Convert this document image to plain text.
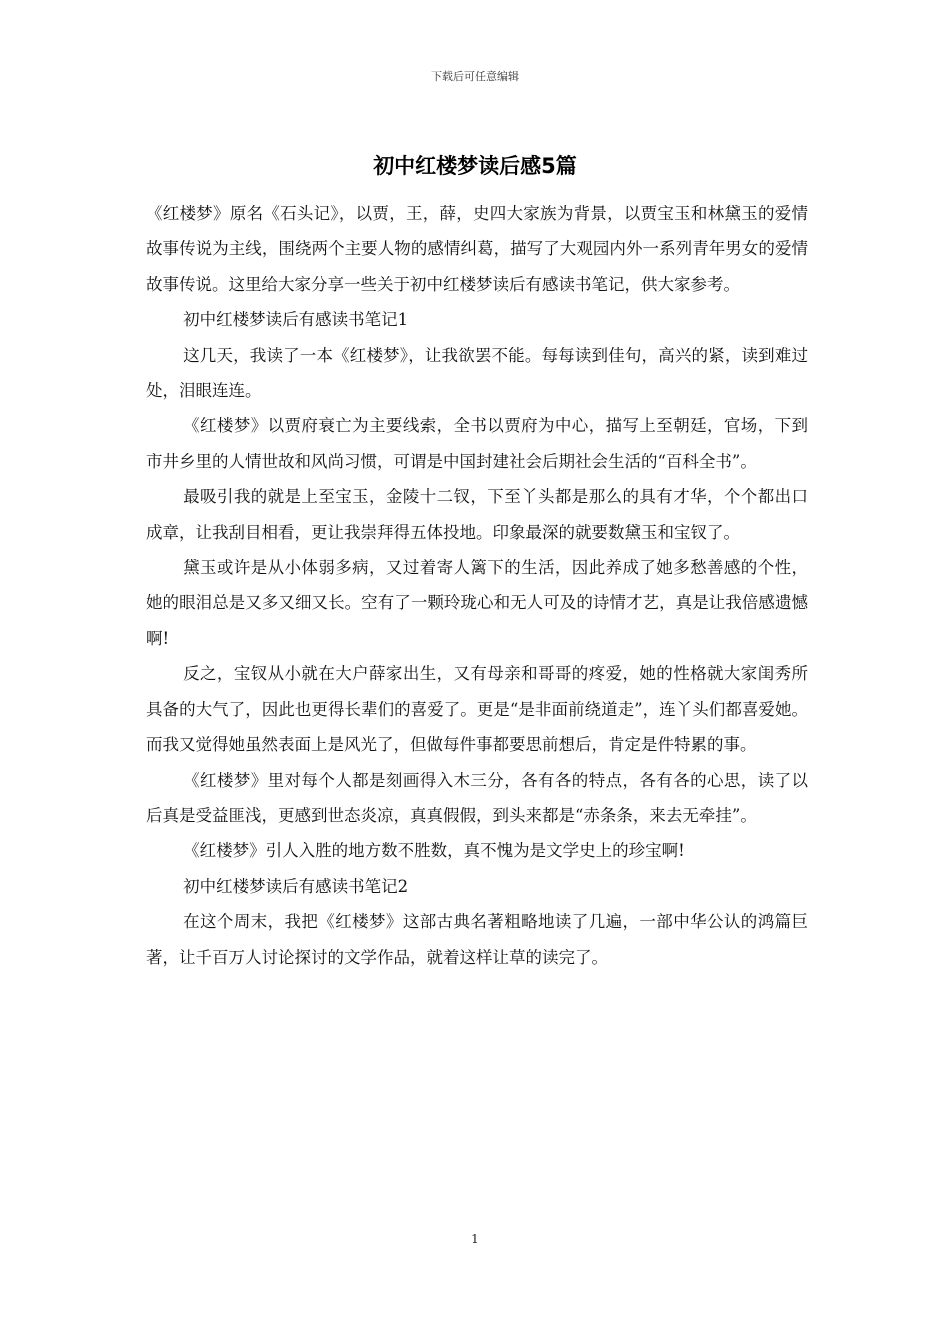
下载后可任意编辑
初中红楼梦读后感5篇

《红楼梦》原名《石头记》，以贾，王，薛，史四大家族为背景，以贾宝玉和林黛玉的爱情故事传说为主线，围绕两个主要人物的感情纠葛，描写了大观园内外一系列青年男女的爱情故事传说。这里给大家分享一些关于初中红楼梦读后有感读书笔记，供大家参考。

初中红楼梦读后有感读书笔记1

这几天，我读了一本《红楼梦》，让我欲罢不能。每每读到佳句，高兴的紧，读到难过处，泪眼连连。

《红楼梦》以贾府衰亡为主要线索，全书以贾府为中心，描写上至朝廷，官场，下到市井乡里的人情世故和风尚习惯，可谓是中国封建社会后期社会生活的“百科全书”。

最吸引我的就是上至宝玉，金陵十二钗，下至丫头都是那么的具有才华，个个都出口成章，让我刮目相看，更让我崇拜得五体投地。印象最深的就要数黛玉和宝钗了。

黛玉或许是从小体弱多病，又过着寄人篱下的生活，因此养成了她多愁善感的个性，她的眼泪总是又多又细又长。空有了一颗玲珑心和无人可及的诗情才艺，真是让我倍感遗憾啊!

反之，宝钗从小就在大户薛家出生，又有母亲和哥哥的疼爱，她的性格就大家闺秀所具备的大气了，因此也更得长辈们的喜爱了。更是“是非面前绕道走”，连丫头们都喜爱她。而我又觉得她虽然表面上是风光了，但做每件事都要思前想后，肯定是件特累的事。

《红楼梦》里对每个人都是刻画得入木三分，各有各的特点，各有各的心思，读了以后真是受益匪浅，更感到世态炎凉，真真假假，到头来都是“赤条条，来去无牵挂”。

《红楼梦》引人入胜的地方数不胜数，真不愧为是文学史上的珍宝啊!

初中红楼梦读后有感读书笔记2

在这个周末，我把《红楼梦》这部古典名著粗略地读了几遍，一部中华公认的鸿篇巨著，让千百万人讨论探讨的文学作品，就着这样让草的读完了。

1
